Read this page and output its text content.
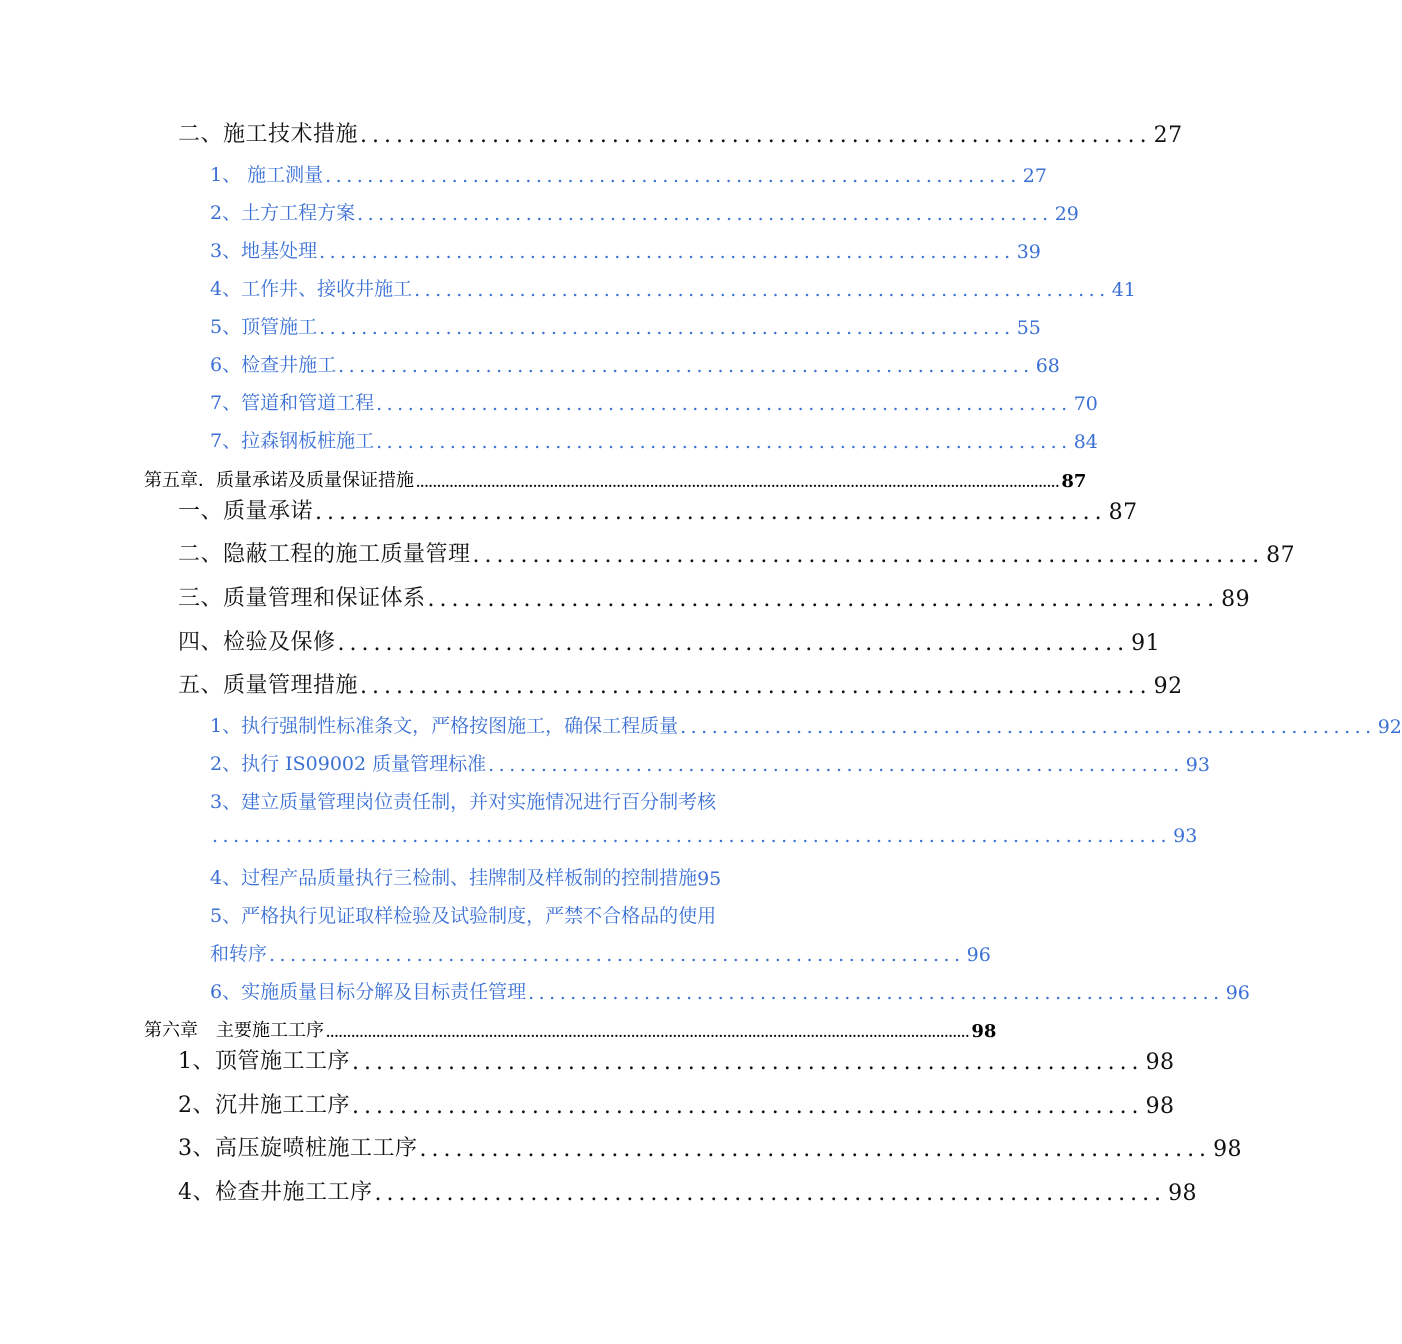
二、施工技术措施 .................................................................. 27
1、 施工测量 .................................................................. 27
2、土方工程方案 .................................................................. 29
3、地基处理 .................................................................. 39
4、工作井、接收井施工 .................................................................. 41
5、顶管施工 .................................................................. 55
6、检查井施工 .................................................................. 68
7、管道和管道工程 .................................................................. 70
7、拉森钢板桩施工 .................................................................. 84
第五章．质量承诺及质量保证措施 .......................................................................................................................................................... 87
一、质量承诺 .................................................................. 87
二、隐蔽工程的施工质量管理 .................................................................. 87
三、质量管理和保证体系 .................................................................. 89
四、检验及保修 .................................................................. 91
五、质量管理措施 .................................................................. 92
1、执行强制性标准条文，严格按图施工，确保工程质量 .................................................................. 92
2、执行 IS09002 质量管理标准 .................................................................. 93
3、建立质量管理岗位责任制，并对实施情况进行百分制考核
........................................................................................... 93
4、过程产品质量执行三检制、挂牌制及样板制的控制措施 95
5、严格执行见证取样检验及试验制度，严禁不合格品的使用
和转序 .................................................................. 96
6、实施质量目标分解及目标责任管理 .................................................................. 96
第六章　主要施工工序 .......................................................................................................................................................... 98
1、顶管施工工序 .................................................................. 98
2、沉井施工工序 .................................................................. 98
3、高压旋喷桩施工工序 .................................................................. 98
4、检查井施工工序 .................................................................. 98
